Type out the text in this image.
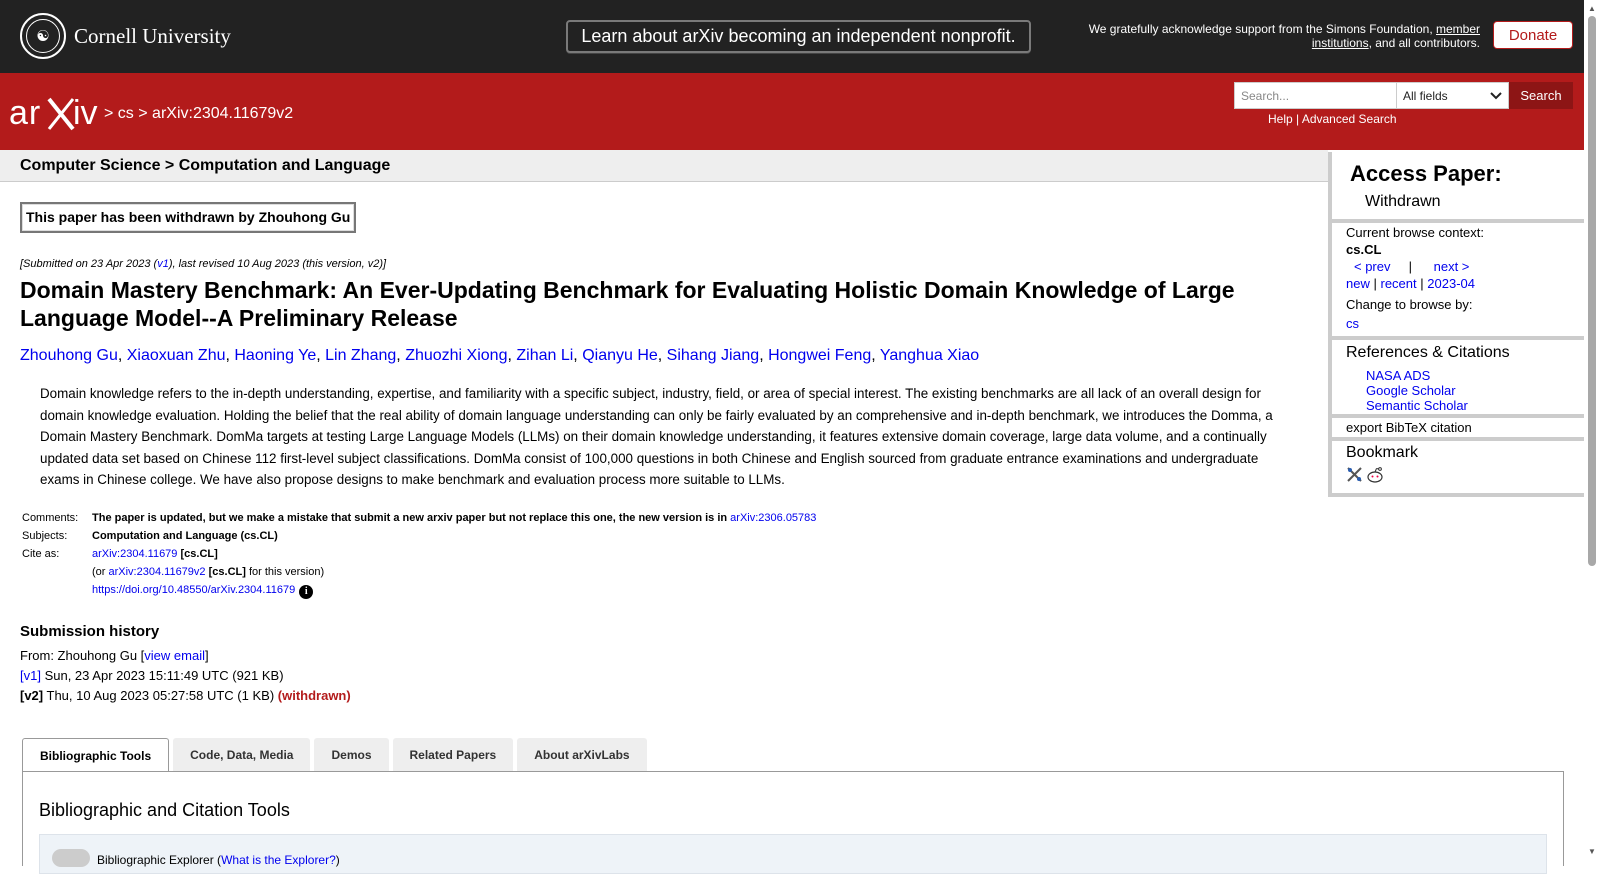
☯	Cornell University	Learn about arXiv becoming an independent nonprofit.	We gratefully acknowledge support from the Simons Foundation, member institutions, and all contributors.	Donate
ar iv > cs > arXiv:2304.11679v2
Search...	All fields	Search
Help | Advanced Search
Computer Science > Computation and Language
This paper has been withdrawn by Zhouhong Gu
[Submitted on 23 Apr 2023 (v1), last revised 10 Aug 2023 (this version, v2)]
Domain Mastery Benchmark: An Ever-Updating Benchmark for Evaluating Holistic Domain Knowledge of Large Language Model--A Preliminary Release
Zhouhong Gu, Xiaoxuan Zhu, Haoning Ye, Lin Zhang, Zhuozhi Xiong, Zihan Li, Qianyu He, Sihang Jiang, Hongwei Feng, Yanghua Xiao

Domain knowledge refers to the in-depth understanding, expertise, and familiarity with a specific subject, industry, field, or area of special interest. The existing benchmarks are all lack of an overall design for domain knowledge evaluation. Holding the belief that the real ability of domain language understanding can only be fairly evaluated by an comprehensive and in-depth benchmark, we introduces the Domma, a Domain Mastery Benchmark. DomMa targets at testing Large Language Models (LLMs) on their domain knowledge understanding, it features extensive domain coverage, large data volume, and a continually updated data set based on Chinese 112 first-level subject classifications. DomMa consist of 100,000 questions in both Chinese and English sourced from graduate entrance examinations and undergraduate exams in Chinese college. We have also propose designs to make benchmark and evaluation process more suitable to LLMs.

Comments:	The paper is updated, but we make a mistake that submit a new arxiv paper but not replace this one, the new version is in arXiv:2306.05783
Subjects:	Computation and Language (cs.CL)
Cite as:	arXiv:2304.11679 [cs.CL]
	(or arXiv:2304.11679v2 [cs.CL] for this version)
	https://doi.org/10.48550/arXiv.2304.11679 i
Submission history
From: Zhouhong Gu [view email]
[v1] Sun, 23 Apr 2023 15:11:49 UTC (921 KB)
[v2] Thu, 10 Aug 2023 05:27:58 UTC (1 KB) (withdrawn)
Bibliographic Tools	Code, Data, Media	Demos	Related Papers	About arXivLabs
Bibliographic and Citation Tools
Bibliographic Explorer (What is the Explorer?)
Access Paper:
Withdrawn
Current browse context:
cs.CL
< prev | next >
new | recent | 2023-04
Change to browse by:
cs
References & Citations
NASA ADS
Google Scholar
Semantic Scholar
export BibTeX citation
Bookmark
▲
▼
